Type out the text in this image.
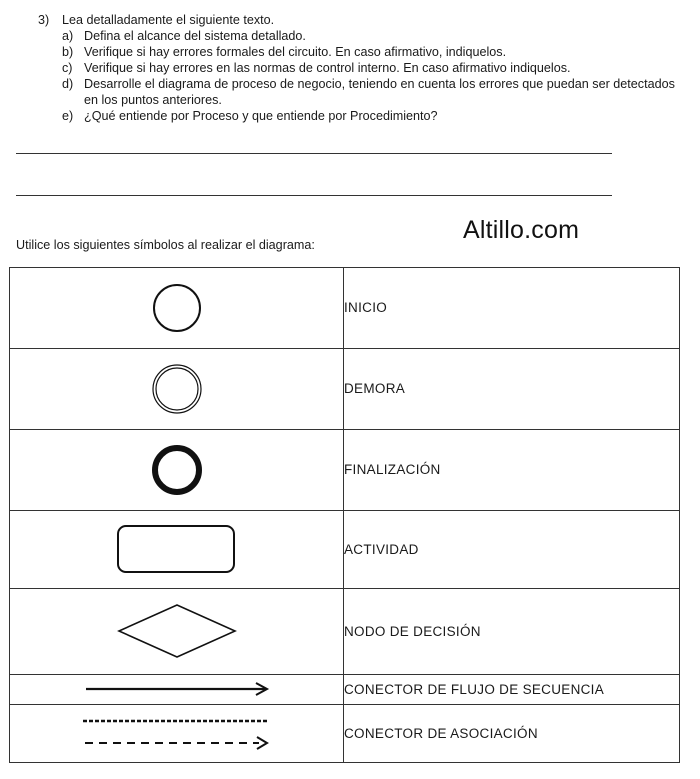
3)	Lea detalladamente el siguiente texto.
a) Defina el alcance del sistema detallado.
b) Verifique si hay errores formales del circuito. En caso afirmativo, indiquelos.
c) Verifique si hay errores en las normas de control interno. En caso afirmativo indiquelos.
d) Desarrolle el diagrama de proceso de negocio, teniendo en cuenta los errores que puedan ser detectados en los puntos anteriores.
e) ¿Qué entiende por Proceso y que entiende por Procedimiento?
Utilice los siguientes símbolos al realizar el diagrama:
Altillo.com
	INICIO

	DEMORA

	FINALIZACIÓN

	ACTIVIDAD

	NODO DE DECISIÓN

	CONECTOR DE FLUJO DE SECUENCIA

	CONECTOR DE ASOCIACIÓN
